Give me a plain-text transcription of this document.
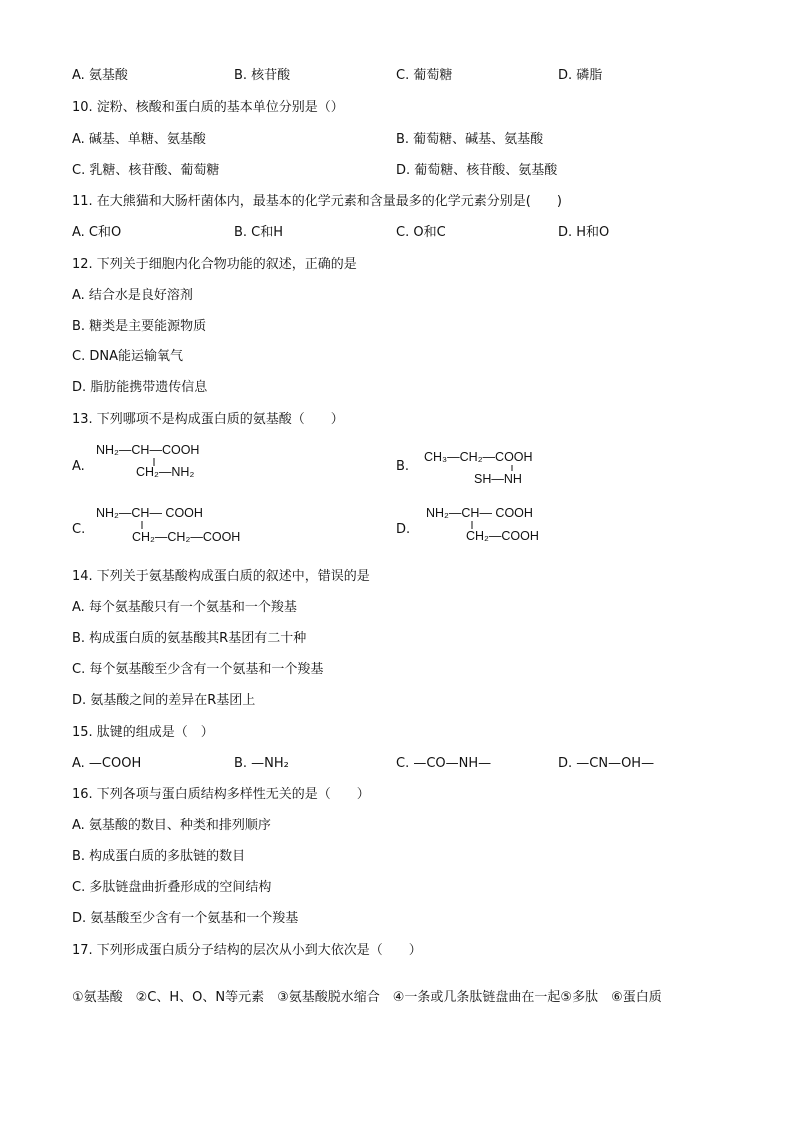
A. 氨基酸	B. 核苷酸	C. 葡萄糖	D. 磷脂
10. 淀粉、核酸和蛋白质的基本单位分别是（）
A. 碱基、单糖、氨基酸	B. 葡萄糖、碱基、氨基酸
C. 乳糖、核苷酸、葡萄糖	D. 葡萄糖、核苷酸、氨基酸
11. 在大熊猫和大肠杆菌体内，最基本的化学元素和含量最多的化学元素分别是(　　)
A. C和O	B. C和H	C. O和C	D. H和O
12. 下列关于细胞内化合物功能的叙述，正确的是
A. 结合水是良好溶剂
B. 糖类是主要能源物质
C. DNA能运输氧气
D. 脂肪能携带遗传信息
13. 下列哪项不是构成蛋白质的氨基酸（　　）
A.
NH₂—CH—COOH
CH₂—NH₂	B.
CH₃—CH₂—COOH
SH—NH
C.
NH₂—CH— COOH
CH₂—CH₂—COOH	D.
NH₂—CH— COOH
CH₂—COOH
14. 下列关于氨基酸构成蛋白质的叙述中，错误的是
A. 每个氨基酸只有一个氨基和一个羧基
B. 构成蛋白质的氨基酸其R基团有二十种
C. 每个氨基酸至少含有一个氨基和一个羧基
D. 氨基酸之间的差异在R基团上
15. 肽键的组成是（　）
A. —COOH	B. —NH₂	C. —CO—NH—	D. —CN—OH—
16. 下列各项与蛋白质结构多样性无关的是（　　）
A. 氨基酸的数目、种类和排列顺序
B. 构成蛋白质的多肽链的数目
C. 多肽链盘曲折叠形成的空间结构
D. 氨基酸至少含有一个氨基和一个羧基
17. 下列形成蛋白质分子结构的层次从小到大依次是（　　）
①氨基酸　②C、H、O、N等元素　③氨基酸脱水缩合　④一条或几条肽链盘曲在一起⑤多肽　⑥蛋白质
